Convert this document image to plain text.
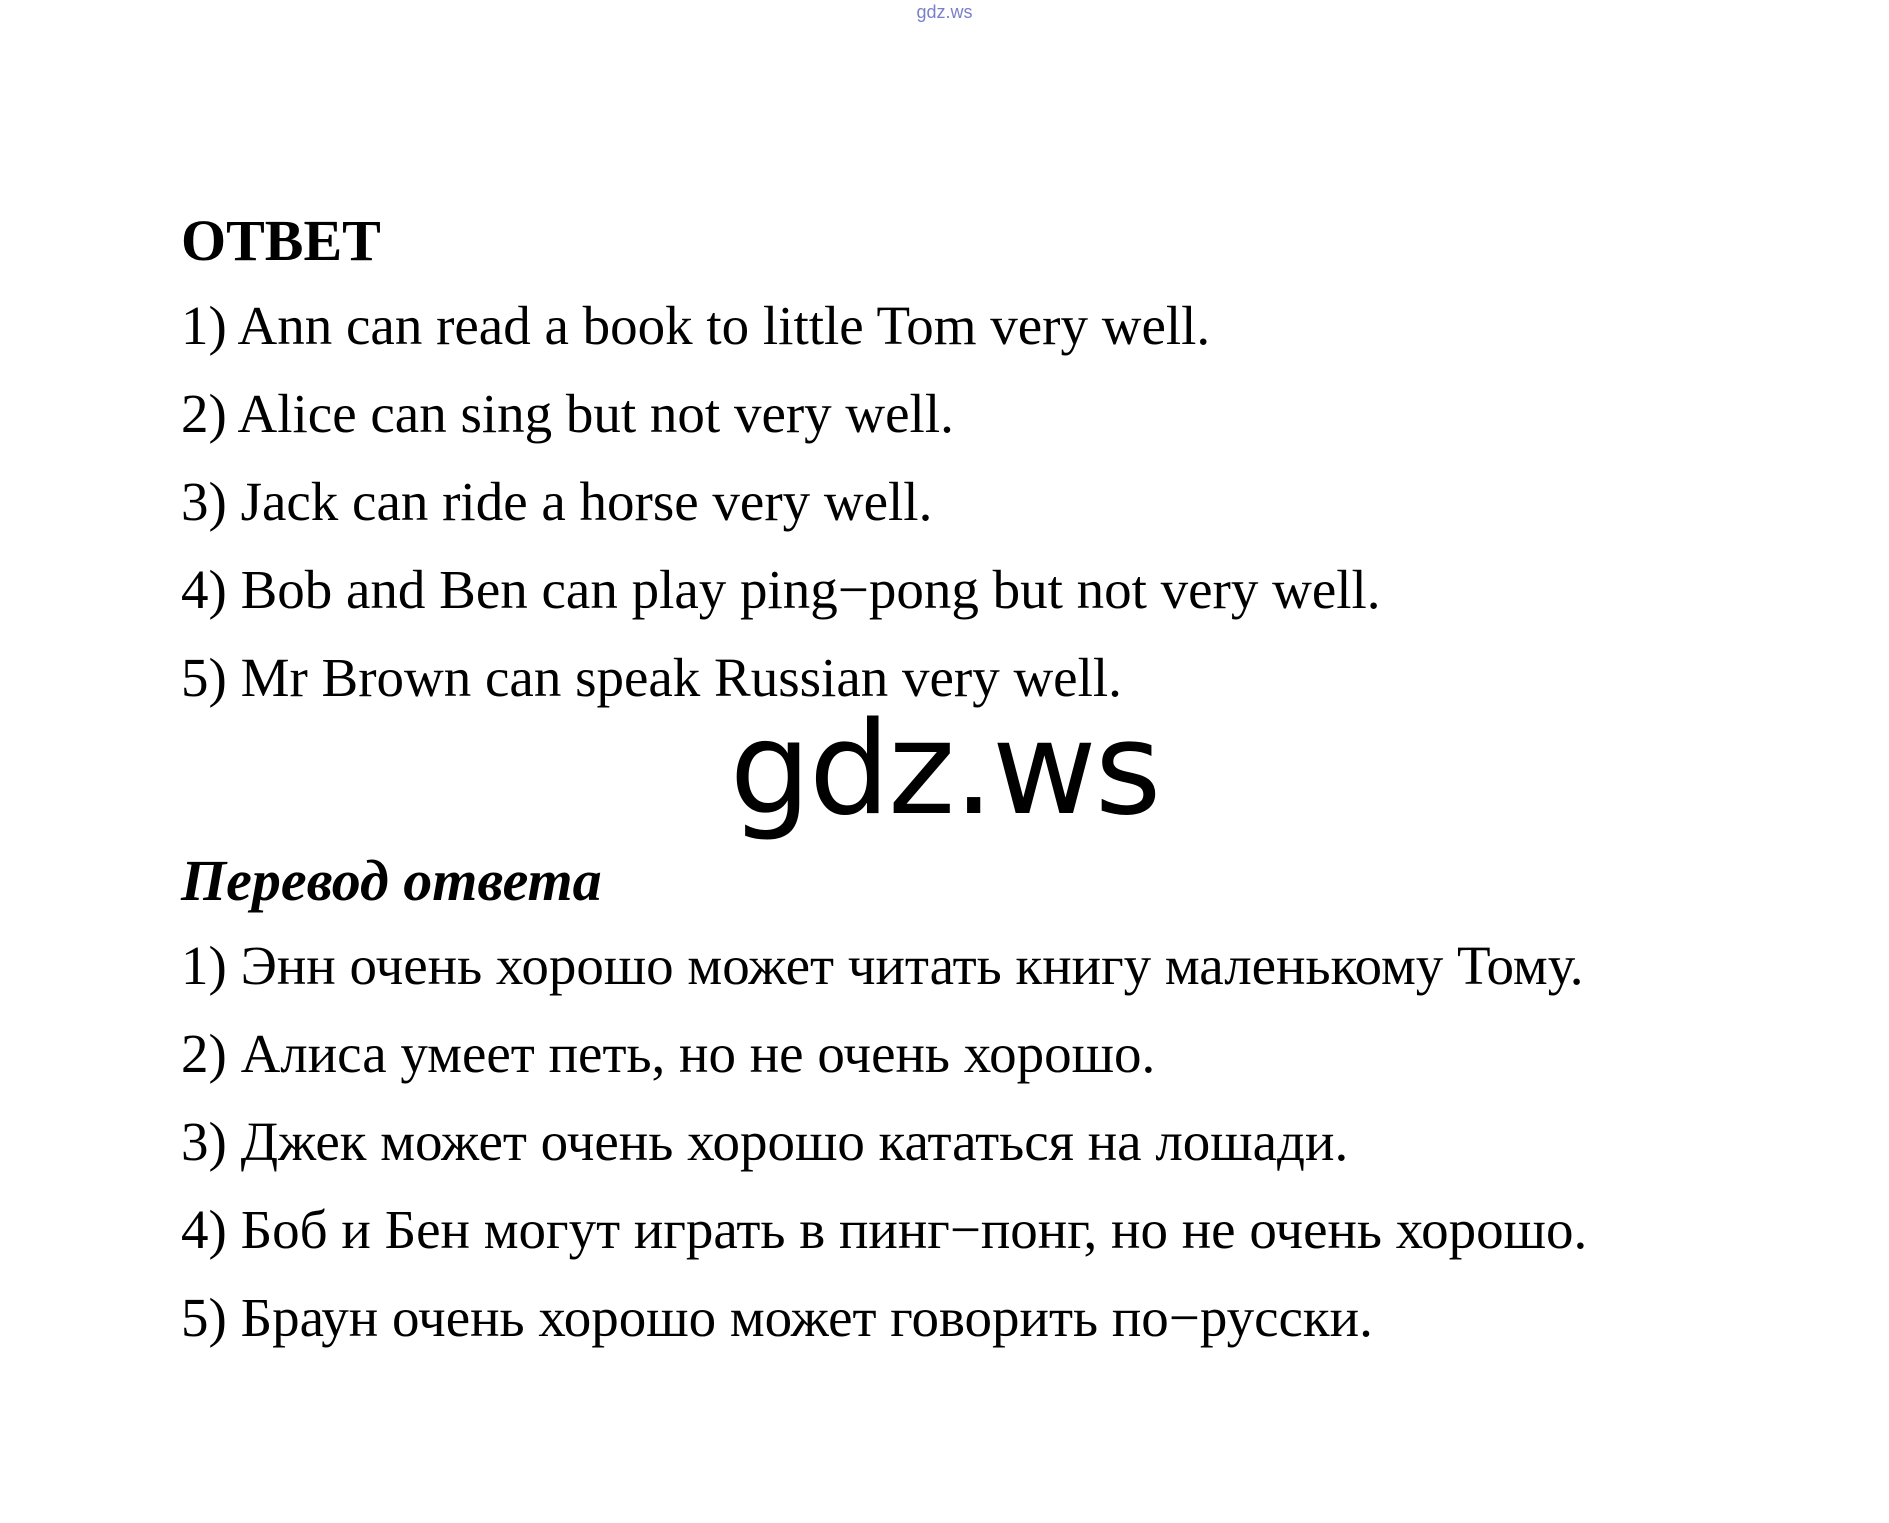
gdz.ws
ОТВЕТ
1) Ann can read a book to little Tom very well.
2) Alice can sing but not very well.
3) Jack can ride a horse very well.
4) Bob and Ben can play ping−pong but not very well.
5) Mr Brown can speak Russian very well.
Перевод ответа
1) Энн очень хорошо может читать книгу маленькому Тому.
2) Алиса умеет петь, но не очень хорошо.
3) Джек может очень хорошо кататься на лошади.
4) Боб и Бен могут играть в пинг−понг, но не очень хорошо.
5) Браун очень хорошо может говорить по−русски.
gdz.ws
